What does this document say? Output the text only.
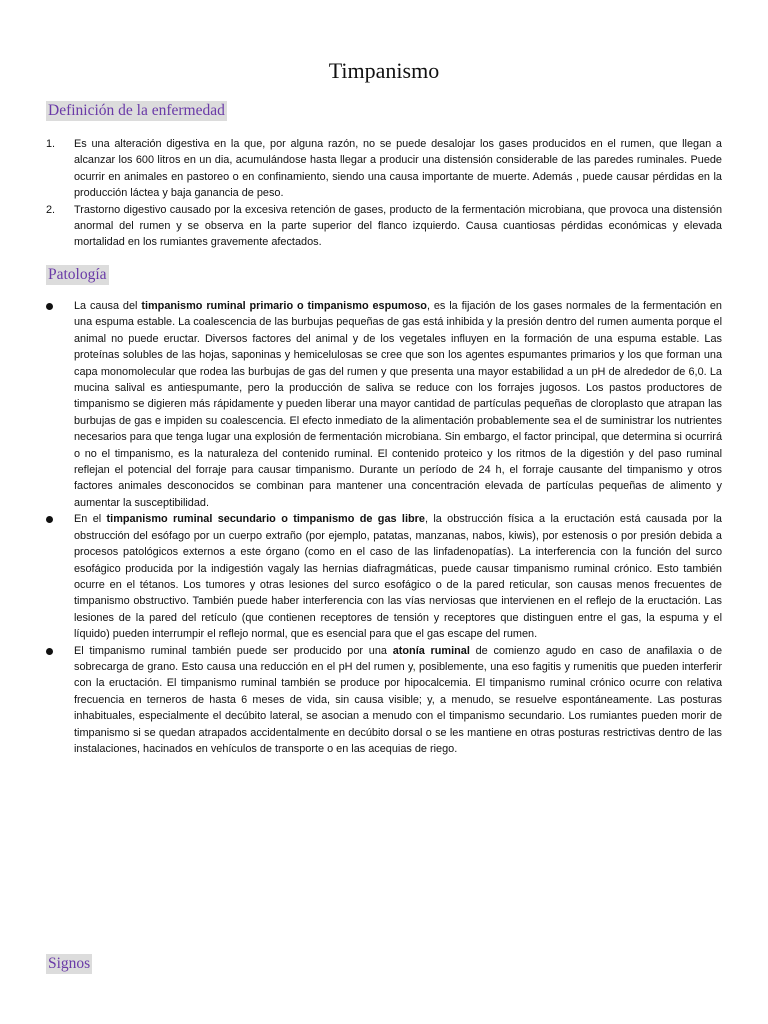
Timpanismo
Definición de la enfermedad
1. Es una alteración digestiva en la que, por alguna razón, no se puede desalojar los gases producidos en el rumen, que llegan a alcanzar los 600 litros en un dia, acumulándose hasta llegar a producir una distensión considerable de las paredes ruminales. Puede ocurrir en animales en pastoreo o en confinamiento, siendo una causa importante de muerte. Además , puede causar pérdidas en la producción láctea y baja ganancia de peso.
2. Trastorno digestivo causado por la excesiva retención de gases, producto de la fermentación microbiana, que provoca una distensión anormal del rumen y se observa en la parte superior del flanco izquierdo. Causa cuantiosas pérdidas económicas y elevada mortalidad en los rumiantes gravemente afectados.
Patología
La causa del timpanismo ruminal primario o timpanismo espumoso, es la fijación de los gases normales de la fermentación en una espuma estable. La coalescencia de las burbujas pequeñas de gas está inhibida y la presión dentro del rumen aumenta porque el animal no puede eructar. Diversos factores del animal y de los vegetales influyen en la formación de una espuma estable. Las proteínas solubles de las hojas, saponinas y hemicelulosas se cree que son los agentes espumantes primarios y los que forman una capa monomolecular que rodea las burbujas de gas del rumen y que presenta una mayor estabilidad a un pH de alrededor de 6,0. La mucina salival es antiespumante, pero la producción de saliva se reduce con los forrajes jugosos. Los pastos productores de timpanismo se digieren más rápidamente y pueden liberar una mayor cantidad de partículas pequeñas de cloroplasto que atrapan las burbujas de gas e impiden su coalescencia. El efecto inmediato de la alimentación probablemente sea el de suministrar los nutrientes necesarios para que tenga lugar una explosión de fermentación microbiana. Sin embargo, el factor principal, que determina si ocurrirá o no el timpanismo, es la naturaleza del contenido ruminal. El contenido proteico y los ritmos de la digestión y del paso ruminal reflejan el potencial del forraje para causar timpanismo. Durante un período de 24 h, el forraje causante del timpanismo y otros factores animales desconocidos se combinan para mantener una concentración elevada de partículas pequeñas de alimento y aumentar la susceptibilidad.
En el timpanismo ruminal secundario o timpanismo de gas libre, la obstrucción física a la eructación está causada por la obstrucción del esófago por un cuerpo extraño (por ejemplo, patatas, manzanas, nabos, kiwis), por estenosis o por presión debida a procesos patológicos externos a este órgano (como en el caso de las linfadenopatías). La interferencia con la función del surco esofágico producida por la indigestión vagaly las hernias diafragmáticas, puede causar timpanismo ruminal crónico. Esto también ocurre en el tétanos. Los tumores y otras lesiones del surco esofágico o de la pared reticular, son causas menos frecuentes de timpanismo obstructivo. También puede haber interferencia con las vías nerviosas que intervienen en el reflejo de la eructación. Las lesiones de la pared del retículo (que contienen receptores de tensión y receptores que distinguen entre el gas, la espuma y el líquido) pueden interrumpir el reflejo normal, que es esencial para que el gas escape del rumen.
El timpanismo ruminal también puede ser producido por una atonía ruminal de comienzo agudo en caso de anafilaxia o de sobrecarga de grano. Esto causa una reducción en el pH del rumen y, posiblemente, una eso fagitis y rumenitis que pueden interferir con la eructación. El timpanismo ruminal también se produce por hipocalcemia. El timpanismo ruminal crónico ocurre con relativa frecuencia en terneros de hasta 6 meses de vida, sin causa visible; y, a menudo, se resuelve espontáneamente. Las posturas inhabituales, especialmente el decúbito lateral, se asocian a menudo con el timpanismo secundario. Los rumiantes pueden morir de timpanismo si se quedan atrapados accidentalmente en decúbito dorsal o se les mantiene en otras posturas restrictivas dentro de las instalaciones, hacinados en vehículos de transporte o en las acequias de riego.
Signos
